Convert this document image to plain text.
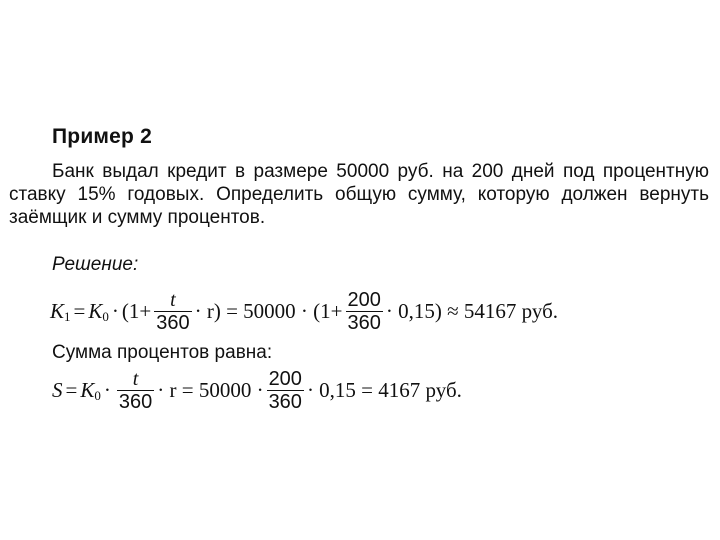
Пример 2

Банк выдал кредит в размере 50000 руб. на 200 дней под процентную
ставку 15% годовых. Определить общую сумму, которую должен вернуть
заёмщик и сумму процентов.

Решение:
K 1 = K $0 \cdot (1+ \frac{t}{360} \cdot r) = 50000 \cdot (1+ \frac{200}{360} \cdot 0,15) \approx 54167$ руб.
Сумма процентов равна:
S = K $0 \cdot \frac{t}{360} \cdot r = 50000 \cdot \frac{200}{360} \cdot 0,15 = 4167$ руб.
